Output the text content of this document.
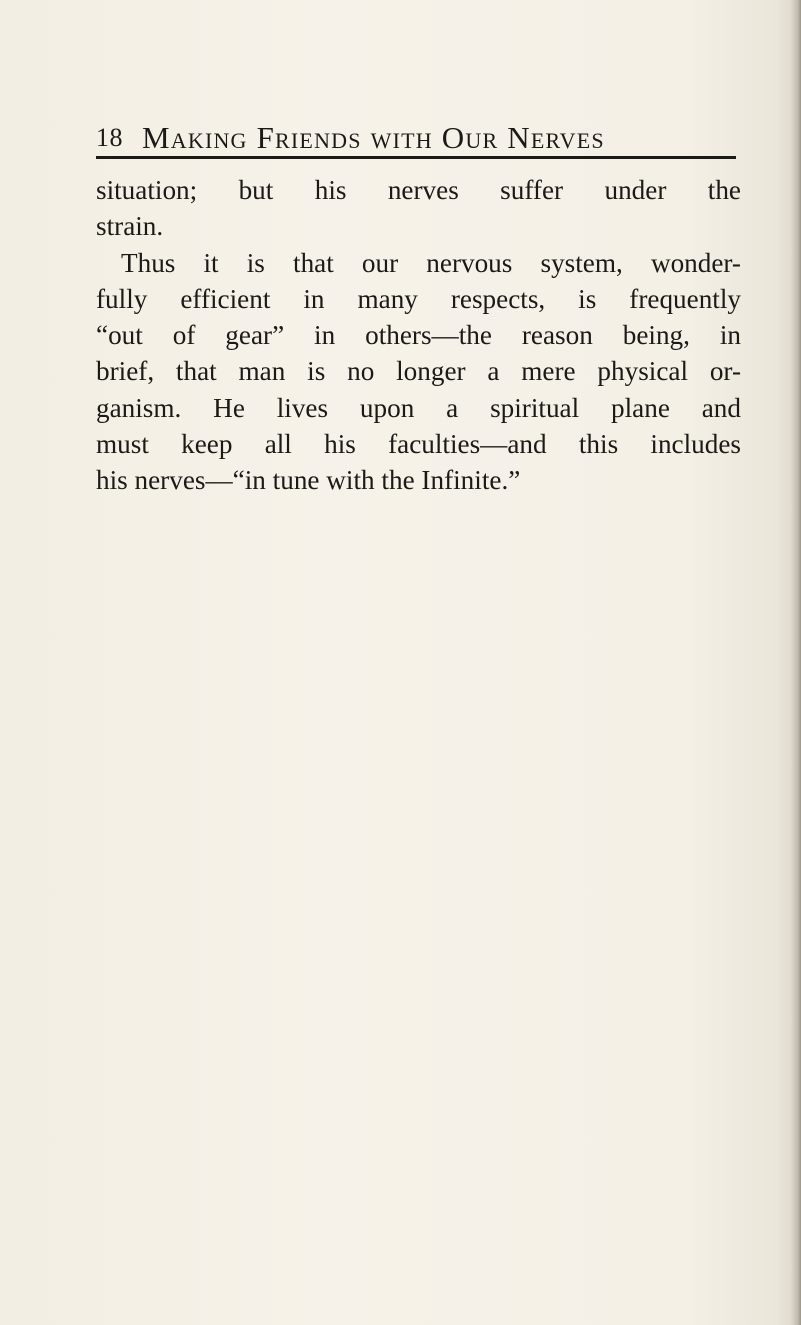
18 Making Friends with Our Nerves
situation; but his nerves suffer under the
strain.
Thus it is that our nervous system, wonder-
fully efficient in many respects, is frequently
“out of gear” in others—the reason being, in
brief, that man is no longer a mere physical or-
ganism. He lives upon a spiritual plane and
must keep all his faculties—and this includes
his nerves—“in tune with the Infinite.”
